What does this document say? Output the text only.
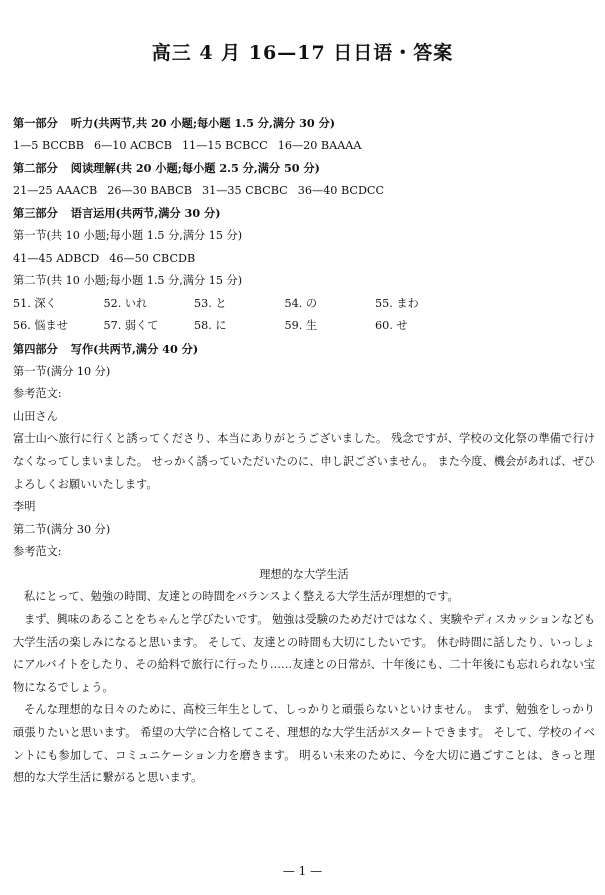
高三 4 月 16—17 日日语・答案
第一部分 听力(共两节,共 20 小题;每小题 1.5 分,满分 30 分)
1—5 BCCBB 6—10 ACBCB 11—15 BCBCC 16—20 BAAAA
第二部分 阅读理解(共 20 小题;每小题 2.5 分,满分 50 分)
21—25 AAACB 26—30 BABCB 31—35 CBCBC 36—40 BCDCC
第三部分 语言运用(共两节,满分 30 分)
第一节(共 10 小题;每小题 1.5 分,满分 15 分)
41—45 ADBCD 46—50 CBCDB
第二节(共 10 小题;每小题 1.5 分,满分 15 分)
51. 深く	52. いれ	53. と	54. の	55. まわ
56. 悩ませ	57. 弱くて	58. に	59. 生	60. せ
第四部分 写作(共两节,满分 40 分)
第一节(满分 10 分)
参考范文:
山田さん
富士山へ旅行に行くと誘ってくださり、本当にありがとうございました。 残念ですが、学校の文化祭の準備で行けなくなってしまいました。 せっかく誘っていただいたのに、申し訳ございません。 また今度、機会があれば、ぜひよろしくお願いいたします。
李明
第二节(满分 30 分)
参考范文:
理想的な大学生活
私にとって、勉強の時間、友達との時間をバランスよく整える大学生活が理想的です。
まず、興味のあることをちゃんと学びたいです。 勉強は受験のためだけではなく、実験やディスカッションなども大学生活の楽しみになると思います。 そして、友達との時間も大切にしたいです。 休む時間に話したり、いっしょにアルバイトをしたり、その給料で旅行に行ったり……友達との日常が、十年後にも、二十年後にも忘れられない宝物になるでしょう。
そんな理想的な日々のために、高校三年生として、しっかりと頑張らないといけません。 まず、勉強をしっかり頑張りたいと思います。 希望の大学に合格してこそ、理想的な大学生活がスタートできます。 そして、学校のイベントにも参加して、コミュニケーション力を磨きます。 明るい未来のために、今を大切に過ごすことは、きっと理想的な大学生活に繋がると思います。
— 1 —
